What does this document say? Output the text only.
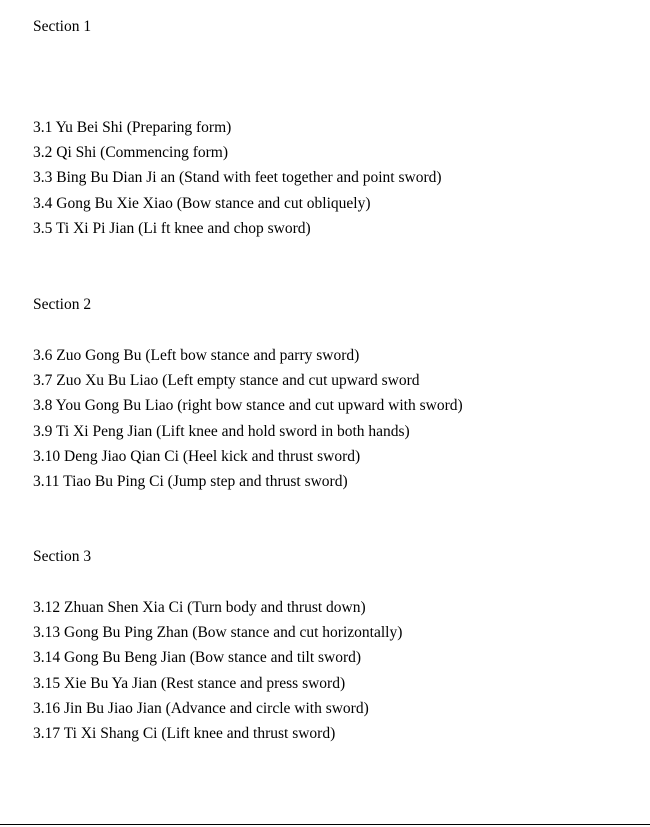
Section 1
3.1 Yu Bei Shi (Preparing form)
3.2 Qi Shi (Commencing form)
3.3 Bing Bu Dian Ji an (Stand with feet together and point sword)
3.4 Gong Bu Xie Xiao (Bow stance and cut obliquely)
3.5 Ti Xi Pi Jian (Li ft knee and chop sword)
Section 2
3.6 Zuo Gong Bu (Left bow stance and parry sword)
3.7 Zuo Xu Bu Liao (Left empty stance and cut upward sword
3.8 You Gong Bu Liao (right bow stance and cut upward with sword)
3.9 Ti Xi Peng Jian (Lift knee and hold sword in both hands)
3.10 Deng Jiao Qian Ci (Heel kick and thrust sword)
3.11 Tiao Bu Ping Ci (Jump step and thrust sword)
Section 3
3.12 Zhuan Shen Xia Ci (Turn body and thrust down)
3.13 Gong Bu Ping Zhan (Bow stance and cut horizontally)
3.14 Gong Bu Beng Jian (Bow stance and tilt sword)
3.15 Xie Bu Ya Jian (Rest stance and press sword)
3.16 Jin Bu Jiao Jian (Advance and circle with sword)
3.17 Ti Xi Shang Ci (Lift knee and thrust sword)
